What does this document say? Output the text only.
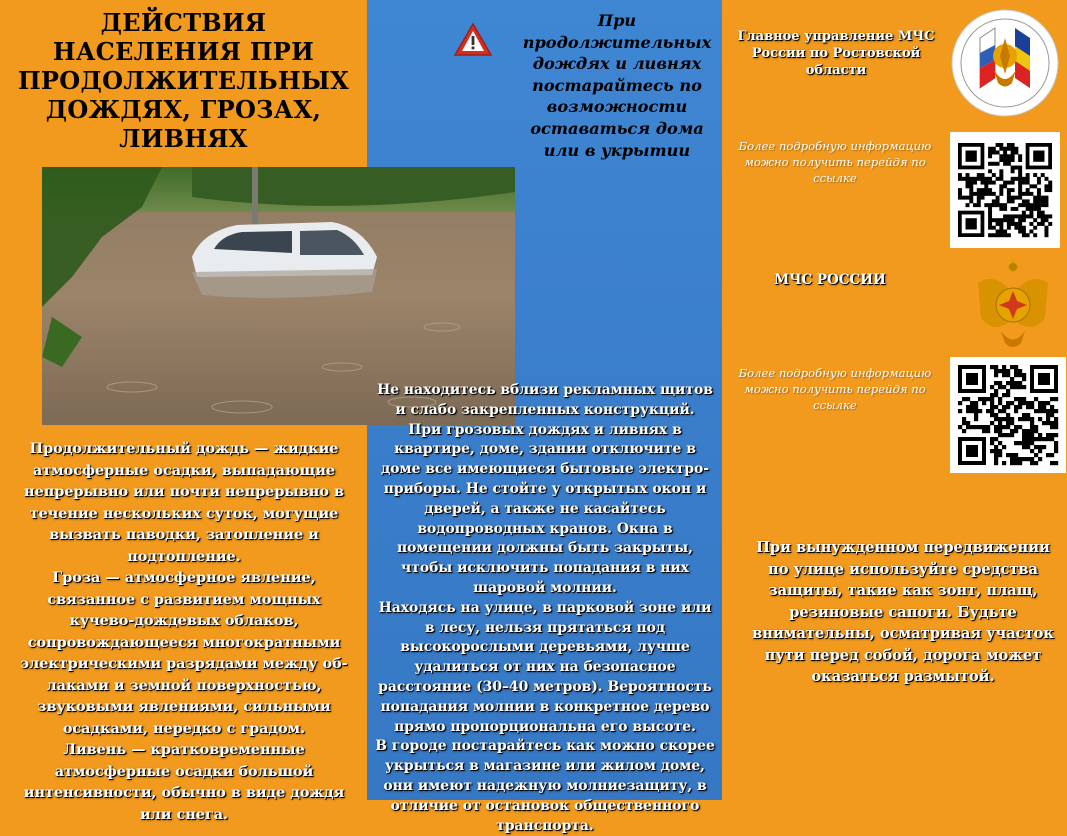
ДЕЙСТВИЯ НАСЕЛЕНИЯ ПРИ ПРОДОЛЖИТЕЛЬНЫХ ДОЖДЯХ, ГРОЗАХ, ЛИВНЯХ
Продолжительный дождь — жидкие атмосферные осадки, выпадающие непрерывно или почти непрерывно в течение нескольких суток, могущие вызвать паводки, затопление и подтопление.
Гроза — атмосферное явление, связанное с развитием мощных кучево-дождевых облаков, сопровождающееся многократными электрическими разрядами между об- лаками и земной поверхностью, звуковыми явлениями, сильными осадками, нередко с градом.
Ливень — кратковременные атмосферные осадки большой интенсивности, обычно в виде дождя или снега.
При продолжительных дождях и ливнях постарайтесь по возможности оставаться дома или в укрытии
Не находитесь вблизи рекламных щитов и слабо закрепленных конструкций.
При грозовых дождях и ливнях в квартире, доме, здании отключите в доме все имеющиеся бытовые электро-приборы. Не стойте у открытых окон и дверей, а также не касайтесь водопроводных кранов. Окна в помещении должны быть закрыты, чтобы исключить попадания в них шаровой молнии.
Находясь на улице, в парковой зоне или в лесу, нельзя прятаться под высокорослыми деревьями, лучше удалиться от них на безопасное расстояние (30–40 метров). Вероятность попадания молнии в конкретное дерево прямо пропорциональна его высоте.
В городе постарайтесь как можно скорее укрыться в магазине или жилом доме, они имеют надежную молниезащиту, в отличие от остановок общественного транспорта.
Главное управление МЧС России по Ростовской области
Более подробную информацию можно получить перейдя по ссылке
МЧС РОССИИ
Более подробную информацию можно получить перейдя по ссылке
При вынужденном передвижении по улице используйте средства защиты, такие как зонт, плащ, резиновые сапоги. Будьте внимательны, осматривая участок пути перед собой, дорога может оказаться размытой.
